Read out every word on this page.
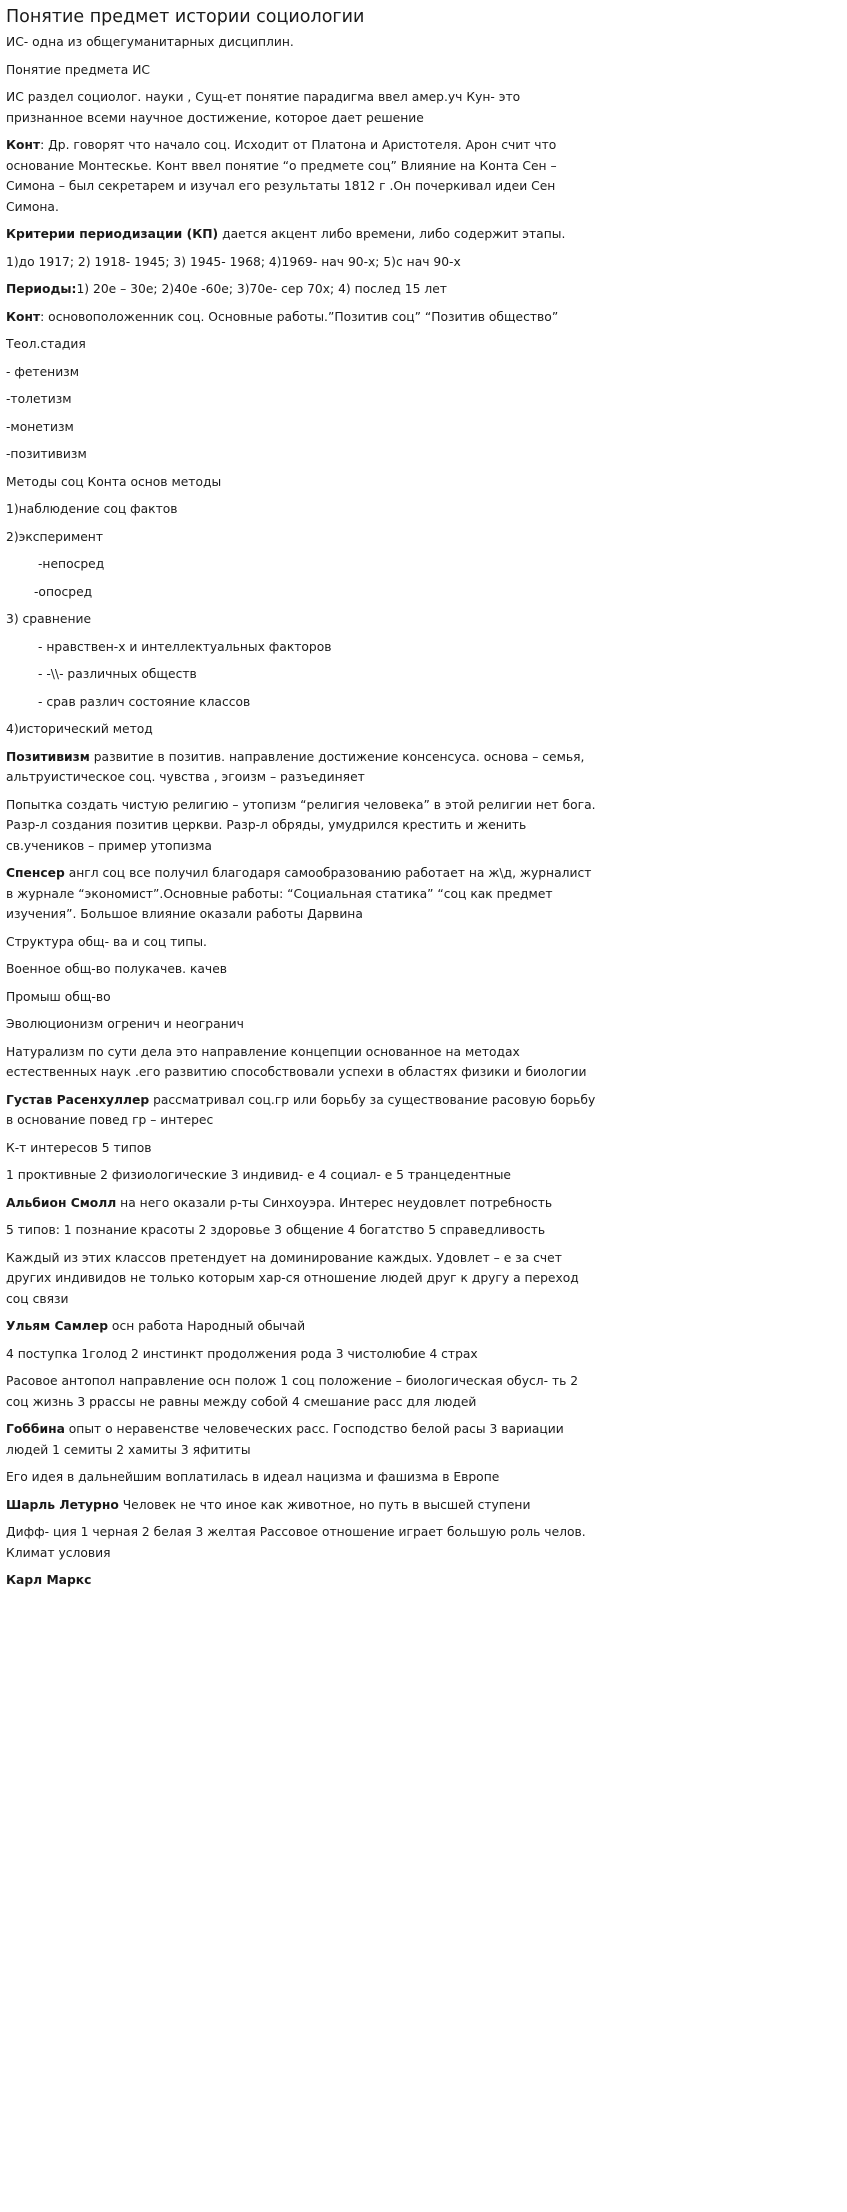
Понятие предмет истории социологии

ИС- одна из общегуманитарных дисциплин.

Понятие предмета ИС

ИС раздел социолог. науки , Сущ-ет понятие парадигма ввел амер.уч Кун- это признанное всеми научное достижение, которое дает решение

Конт: Др. говорят что начало соц. Исходит от Платона и Аристотеля. Арон счит что основание Монтескье. Конт ввел понятие “о предмете соц” Влияние на Конта Сен – Симона – был секретарем и изучал его результаты 1812 г .Он почеркивал идеи Сен Симона.

Критерии периодизации (КП) дается акцент либо времени, либо содержит этапы.

1)до 1917; 2) 1918- 1945; 3) 1945- 1968; 4)1969- нач 90-х; 5)с нач 90-х

Периоды:1) 20е – 30е; 2)40е -60е; 3)70е- сер 70х; 4) послед 15 лет

Конт: основоположенник соц. Основные работы.”Позитив соц” “Позитив общество”

Теол.стадия

- фетенизм

-толетизм

-монетизм

-позитивизм

Методы соц Конта основ методы

1)наблюдение соц фактов

2)эксперимент

-непосред

-опосред

3) сравнение

- нравствен-х и интеллектуальных факторов

- -\\- различных обществ

- срав различ состояние классов

4)исторический метод

Позитивизм развитие в позитив. направление достижение консенсуса. основа – семья, альтруистическое соц. чувства , эгоизм – разъединяет

Попытка создать чистую религию – утопизм “религия человека” в этой религии нет бога. Разр-л создания позитив церкви. Разр-л обряды, умудрился крестить и женить св.учеников – пример утопизма

Спенсер англ соц все получил благодаря самообразованию работает на ж\д, журналист в журнале “экономист”.Основные работы: “Социальная статика” “соц как предмет изучения”. Большое влияние оказали работы Дарвина

Структура общ- ва и соц типы.

Военное общ-во полукачев. качев

Промыш общ-во

Эволюционизм огренич и неогранич

Натурализм по сути дела это направление концепции основанное на методах естественных наук .его развитию способствовали успехи в областях физики и биологии

Густав Расенхуллер рассматривал соц.гр или борьбу за существование расовую борьбу в основание повед гр – интерес

К-т интересов 5 типов

1 проктивные 2 физиологические 3 индивид- е 4 социал- е 5 транцедентные

Альбион Смолл на него оказали р-ты Синхоуэра. Интерес неудовлет потребность

5 типов: 1 познание красоты 2 здоровье 3 общение 4 богатство 5 справедливость

Каждый из этих классов претендует на доминирование каждых. Удовлет – е за счет других индивидов не только которым хар-ся отношение людей друг к другу а переход соц связи

Ульям Самлер осн работа Народный обычай

4 поступка 1голод 2 инстинкт продолжения рода 3 чистолюбие 4 страх

Расовое антопол направление осн полож 1 соц положение – биологическая обусл- ть 2 соц жизнь 3 рраccы не равны между собой 4 смешание расс для людей

Гоббина опыт о неравенстве человеческих расс. Господство белой расы 3 вариации людей 1 семиты 2 хамиты 3 яфититы

Его идея в дальнейшим воплатилась в идеал нацизма и фашизма в Европе

Шарль Летурно Человек не что иное как животное, но путь в высшей ступени

Дифф- ция 1 черная 2 белая 3 желтая Рассовое отношение играет большую роль челов. Климат условия

Карл Маркс
